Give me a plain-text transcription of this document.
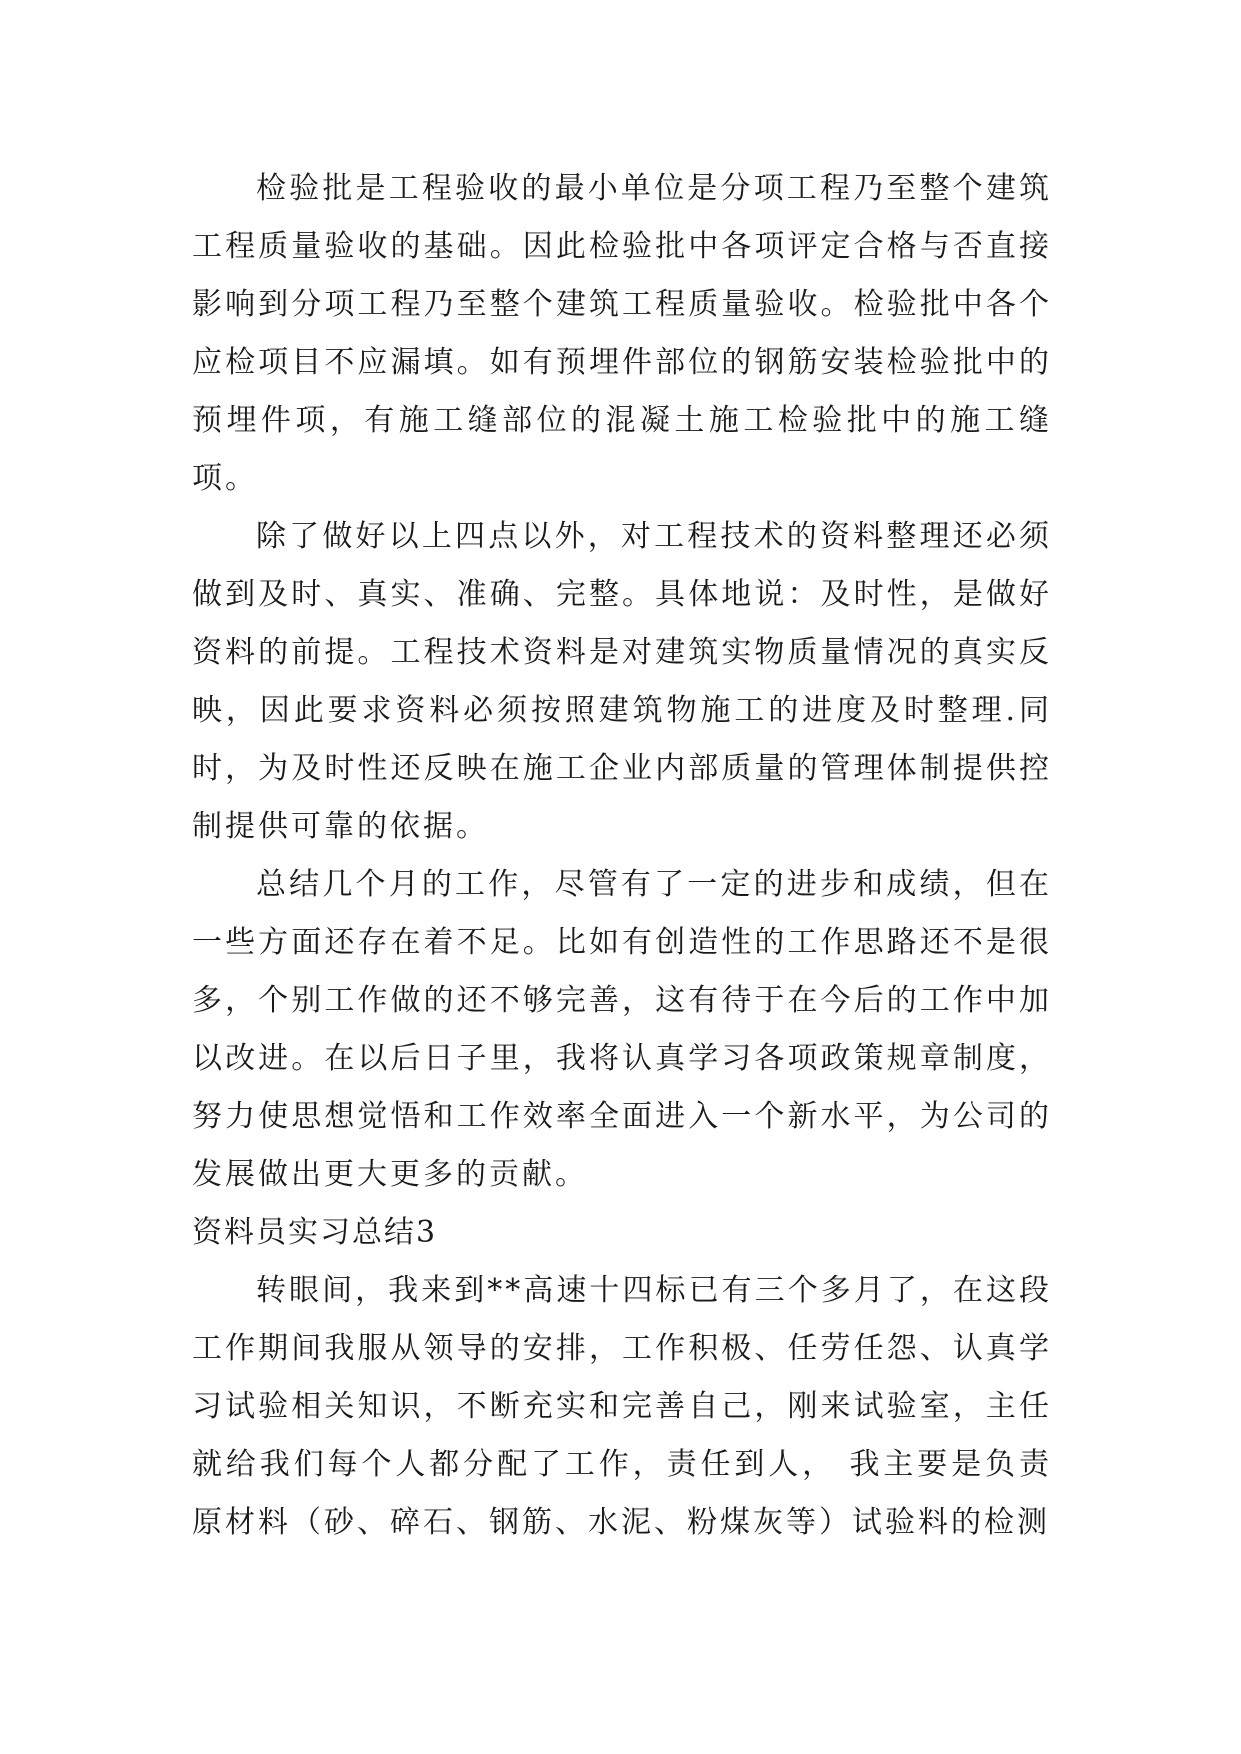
检验批是工程验收的最小单位是分项工程乃至整个建筑工程质量验收的基础。因此检验批中各项评定合格与否直接影响到分项工程乃至整个建筑工程质量验收。检验批中各个应检项目不应漏填。如有预埋件部位的钢筋安装检验批中的预埋件项，有施工缝部位的混凝土施工检验批中的施工缝项。

除了做好以上四点以外，对工程技术的资料整理还必须做到及时、真实、准确、完整。具体地说：及时性，是做好资料的前提。工程技术资料是对建筑实物质量情况的真实反映，因此要求资料必须按照建筑物施工的进度及时整理.同时，为及时性还反映在施工企业内部质量的管理体制提供控制提供可靠的依据。

总结几个月的工作，尽管有了一定的进步和成绩，但在一些方面还存在着不足。比如有创造性的工作思路还不是很多，个别工作做的还不够完善，这有待于在今后的工作中加以改进。在以后日子里，我将认真学习各项政策规章制度，努力使思想觉悟和工作效率全面进入一个新水平，为公司的发展做出更大更多的贡献。

资料员实习总结3

转眼间，我来到**高速十四标已有三个多月了，在这段工作期间我服从领导的安排，工作积极、任劳任怨、认真学习试验相关知识，不断充实和完善自己，刚来试验室，主任就给我们每个人都分配了工作，责任到人， 我主要是负责原材料（砂、碎石、钢筋、水泥、粉煤灰等）试验料的检测
